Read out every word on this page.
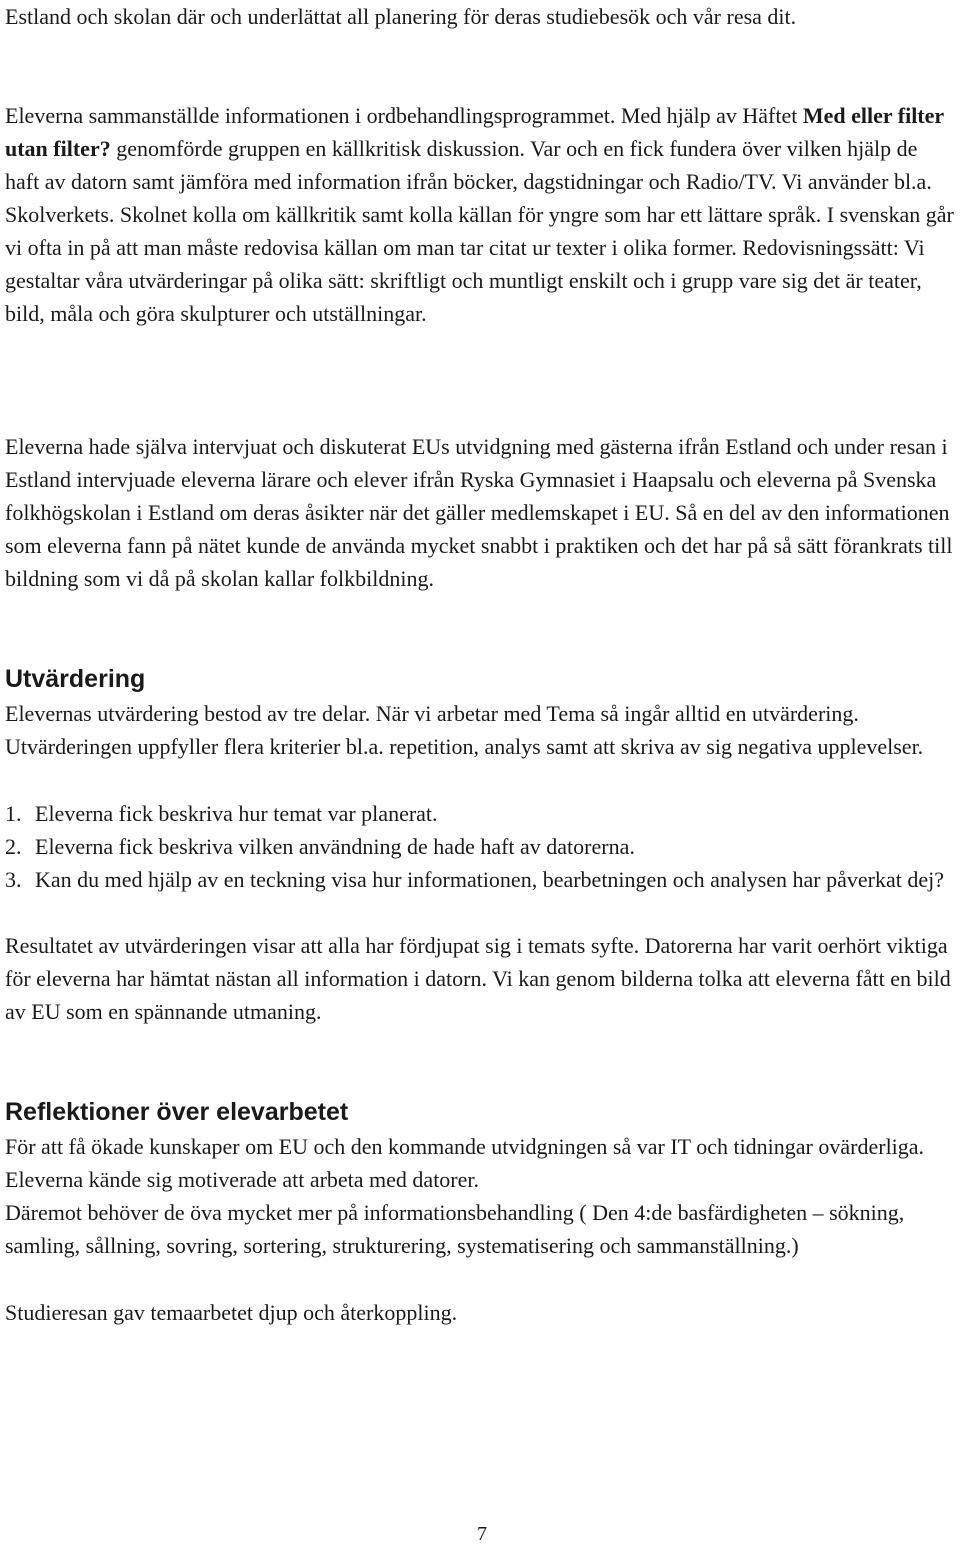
Estland och skolan där och underlättat all planering för deras studiebesök och vår resa dit.
Eleverna sammanställde informationen i ordbehandlingsprogrammet. Med hjälp av Häftet Med eller filter utan filter? genomförde gruppen en källkritisk diskussion. Var och en fick fundera över vilken hjälp de haft av datorn samt jämföra med information ifrån böcker, dagstidningar och Radio/TV. Vi använder bl.a. Skolverkets. Skolnet kolla om källkritik samt kolla källan för yngre som har ett lättare språk. I svenskan går vi ofta in på att man måste redovisa källan om man tar citat ur texter i olika former. Redovisningssätt: Vi gestaltar våra utvärderingar på olika sätt: skriftligt och muntligt enskilt och i grupp vare sig det är teater, bild, måla och göra skulpturer och utställningar.
Eleverna hade själva intervjuat och diskuterat EUs utvidgning med gästerna ifrån Estland och under resan i Estland intervjuade eleverna lärare och elever ifrån Ryska Gymnasiet i Haapsalu och eleverna på Svenska folkhögskolan i Estland om deras åsikter när det gäller medlemskapet i EU. Så en del av den informationen som eleverna fann på nätet kunde de använda mycket snabbt i praktiken och det har på så sätt förankrats till bildning som vi då på skolan kallar folkbildning.
Utvärdering
Elevernas utvärdering bestod av tre delar. När vi arbetar med Tema så ingår alltid en utvärdering. Utvärderingen uppfyller flera kriterier bl.a. repetition, analys samt att skriva av sig negativa upplevelser.
1. Eleverna fick beskriva hur temat var planerat.
2. Eleverna fick beskriva vilken användning de hade haft av datorerna.
3. Kan du med hjälp av en teckning visa hur informationen, bearbetningen och analysen har påverkat dej?
Resultatet av utvärderingen visar att alla har fördjupat sig i temats syfte. Datorerna har varit oerhört viktiga för eleverna har hämtat nästan all information i datorn. Vi kan genom bilderna tolka att eleverna fått en bild av EU som en spännande utmaning.
Reflektioner över elevarbetet
För att få ökade kunskaper om EU och den kommande utvidgningen så var IT och tidningar ovärderliga. Eleverna kände sig motiverade att arbeta med datorer.
Däremot behöver de öva mycket mer på informationsbehandling ( Den 4:de basfärdigheten – sökning, samling, sållning, sovring, sortering, strukturering, systematisering och sammanställning.)
Studieresan gav temaarbetet djup och återkoppling.
7
